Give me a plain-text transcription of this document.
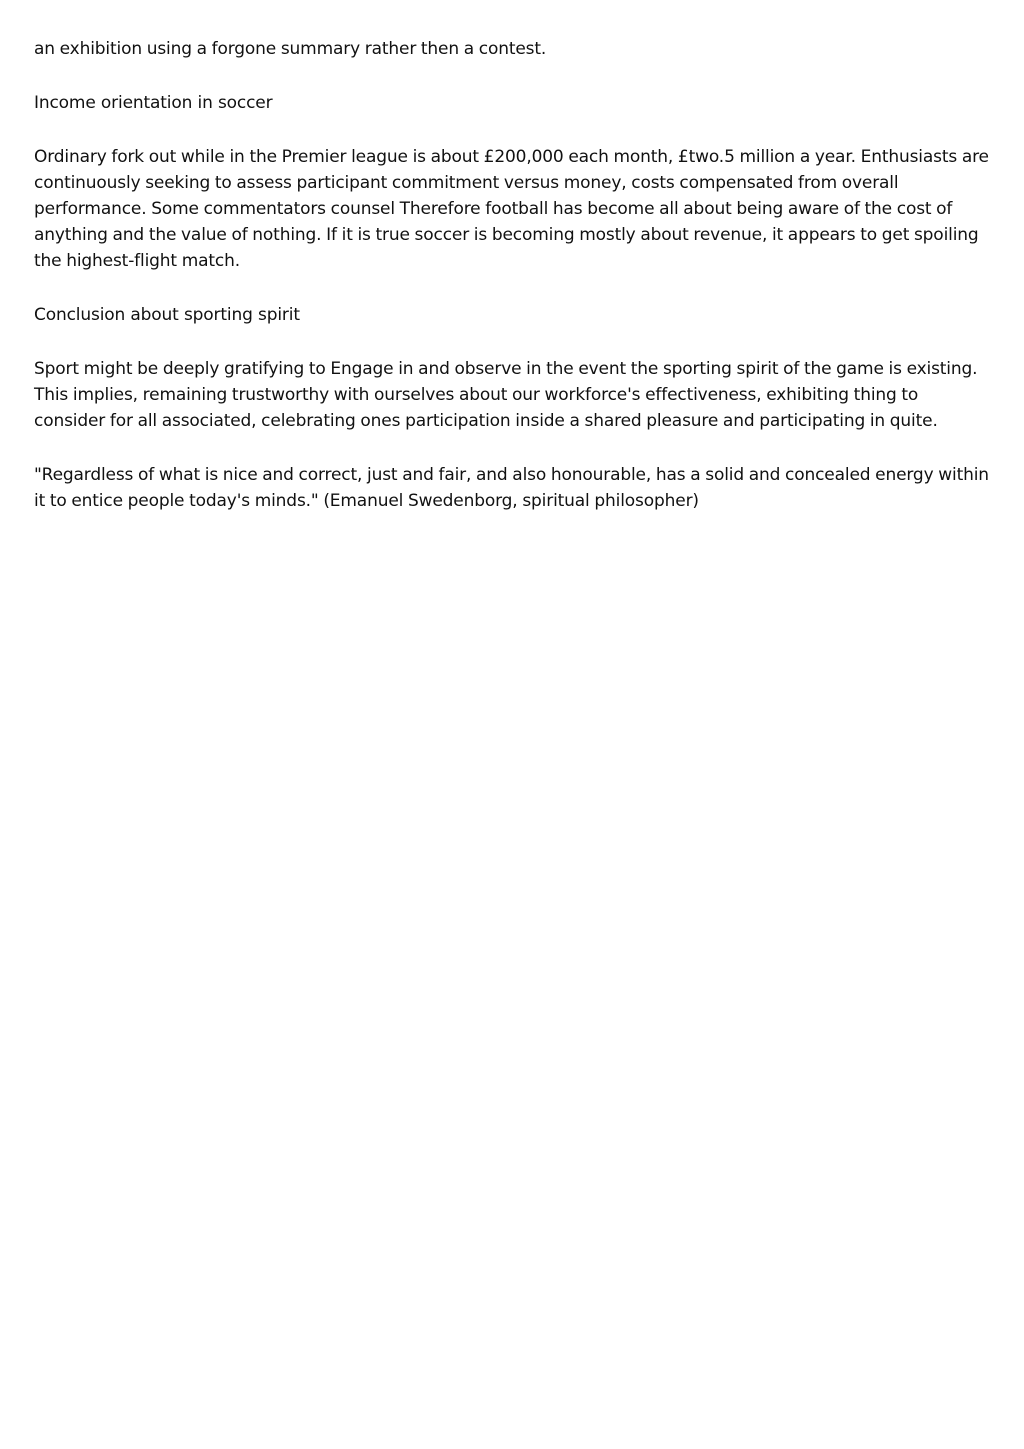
an exhibition using a forgone summary rather then a contest.

Income orientation in soccer

Ordinary fork out while in the Premier league is about £200,000 each month, £two.5 million a year. Enthusiasts are continuously seeking to assess participant commitment versus money, costs compensated from overall performance. Some commentators counsel Therefore football has become all about being aware of the cost of anything and the value of nothing. If it is true soccer is becoming mostly about revenue, it appears to get spoiling the highest-flight match.

Conclusion about sporting spirit

Sport might be deeply gratifying to Engage in and observe in the event the sporting spirit of the game is existing. This implies, remaining trustworthy with ourselves about our workforce's effectiveness, exhibiting thing to consider for all associated, celebrating ones participation inside a shared pleasure and participating in quite.

"Regardless of what is nice and correct, just and fair, and also honourable, has a solid and concealed energy within it to entice people today's minds." (Emanuel Swedenborg, spiritual philosopher)
